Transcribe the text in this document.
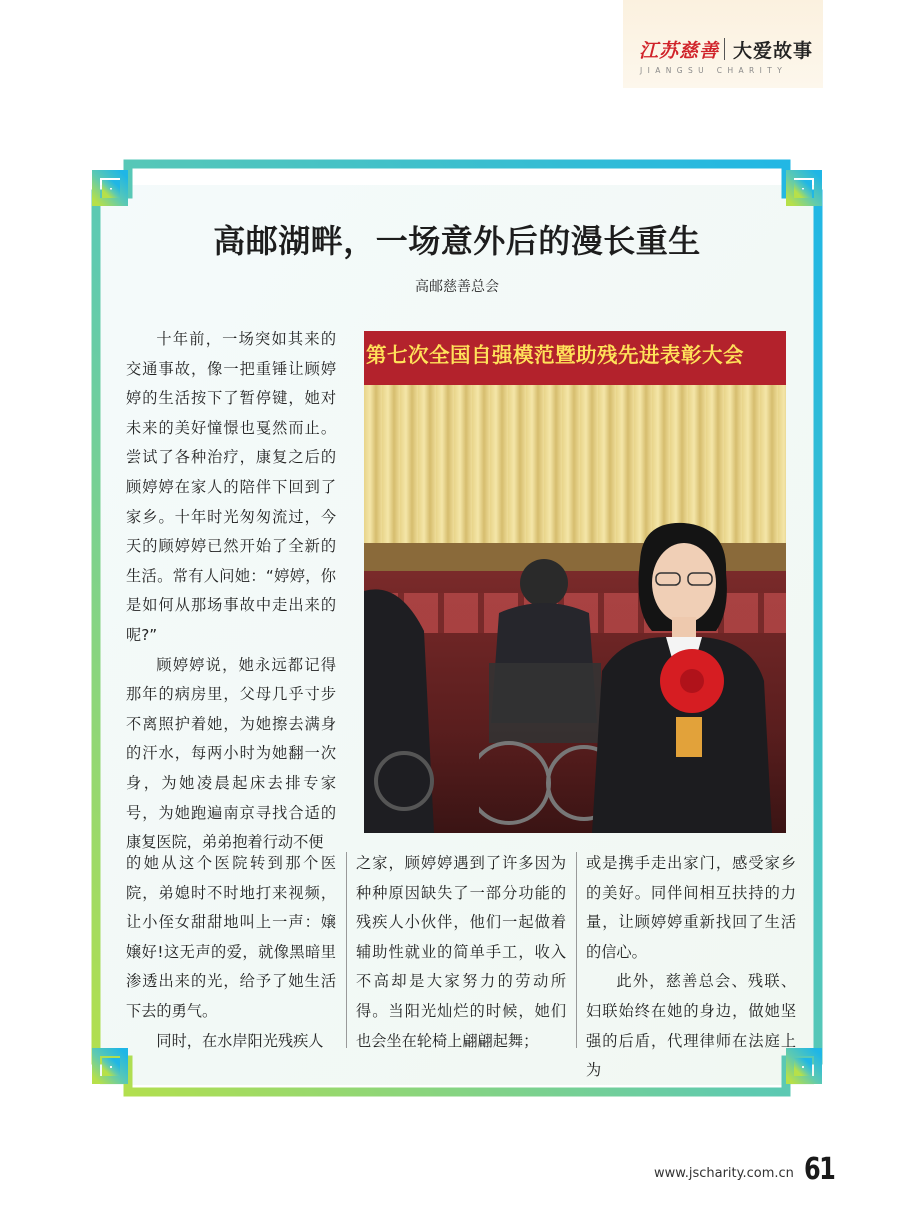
江苏慈善 大爱故事
JIANGSU CHARITY
高邮湖畔，一场意外后的漫长重生
高邮慈善总会

十年前，一场突如其来的交通事故，像一把重锤让顾婷婷的生活按下了暂停键，她对未来的美好憧憬也戛然而止。尝试了各种治疗，康复之后的顾婷婷在家人的陪伴下回到了家乡。十年时光匆匆流过，今天的顾婷婷已然开始了全新的生活。常有人问她：“婷婷，你是如何从那场事故中走出来的呢?”

顾婷婷说，她永远都记得那年的病房里，父母几乎寸步不离照护着她，为她擦去满身的汗水，每两小时为她翻一次身，为她凌晨起床去排专家号，为她跑遍南京寻找合适的康复医院，弟弟抱着行动不便

第七次全国自强模范暨助残先进表彰大会

的她从这个医院转到那个医院，弟媳时不时地打来视频，让小侄女甜甜地叫上一声：嬢嬢好!这无声的爱，就像黑暗里渗透出来的光，给予了她生活下去的勇气。

同时，在水岸阳光残疾人

之家，顾婷婷遇到了许多因为种种原因缺失了一部分功能的残疾人小伙伴，他们一起做着辅助性就业的简单手工，收入不高却是大家努力的劳动所得。当阳光灿烂的时候，她们也会坐在轮椅上翩翩起舞；

或是携手走出家门，感受家乡的美好。同伴间相互扶持的力量，让顾婷婷重新找回了生活的信心。

此外，慈善总会、残联、妇联始终在她的身边，做她坚强的后盾，代理律师在法庭上为

www.jscharity.com.cn 61
